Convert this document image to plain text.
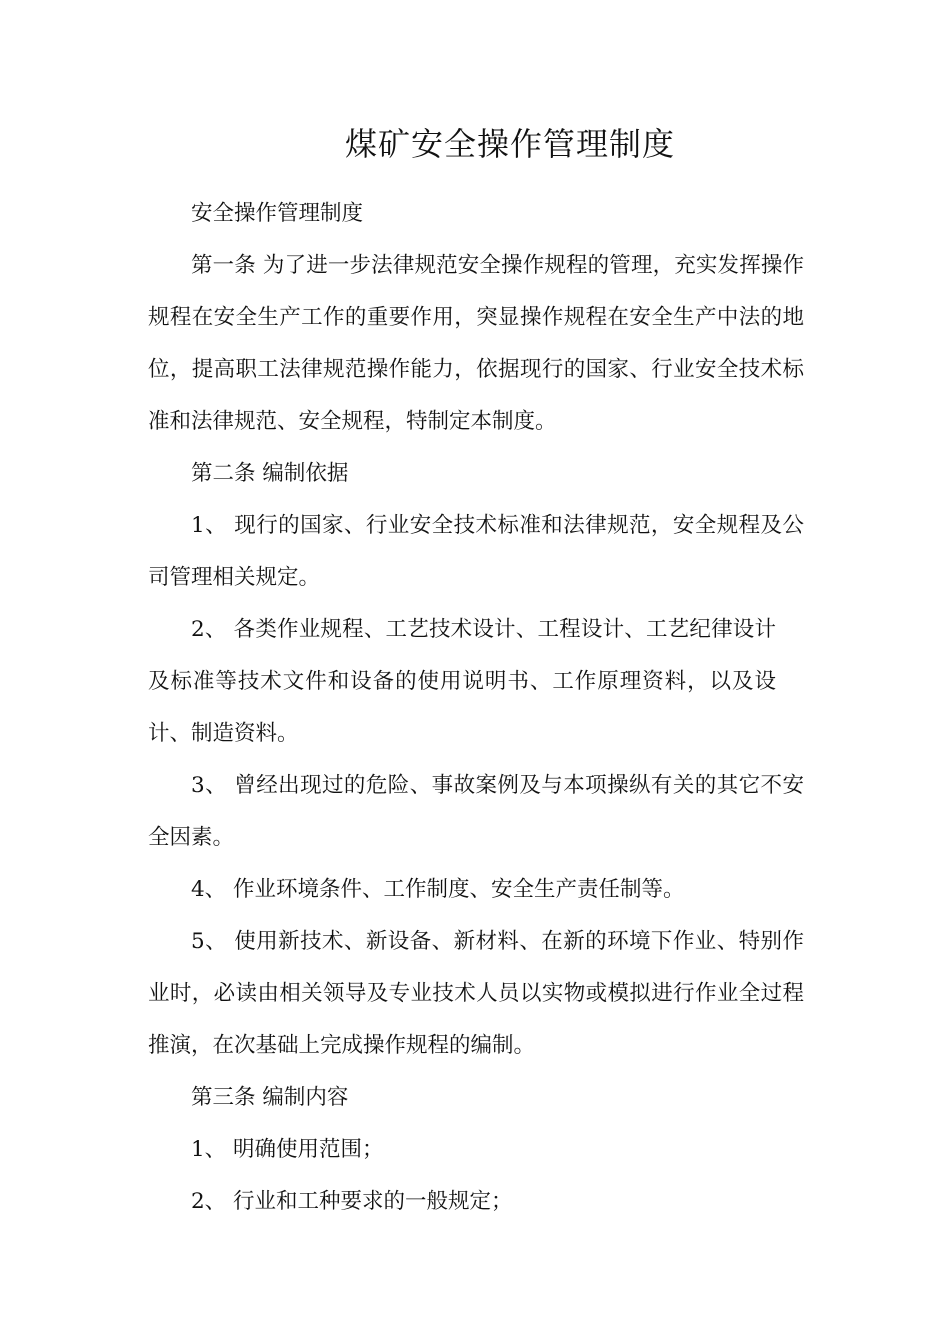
煤矿安全操作管理制度

安全操作管理制度

第一条 为了进一步法律规范安全操作规程的管理，充实发挥操作规程在安全生产工作的重要作用，突显操作规程在安全生产中法的地位，提高职工法律规范操作能力，依据现行的国家、行业安全技术标准和法律规范、安全规程，特制定本制度。

第二条 编制依据

1、 现行的国家、行业安全技术标准和法律规范，安全规程及公司管理相关规定。

2、 各类作业规程、工艺技术设计、工程设计、工艺纪律设计及标准等技术文件和设备的使用说明书、工作原理资料，以及设计、制造资料。

3、 曾经出现过的危险、事故案例及与本项操纵有关的其它不安全因素。

4、 作业环境条件、工作制度、安全生产责任制等。

5、 使用新技术、新设备、新材料、在新的环境下作业、特别作业时，必读由相关领导及专业技术人员以实物或模拟进行作业全过程推演，在次基础上完成操作规程的编制。

第三条 编制内容

1、 明确使用范围；

2、 行业和工种要求的一般规定；
